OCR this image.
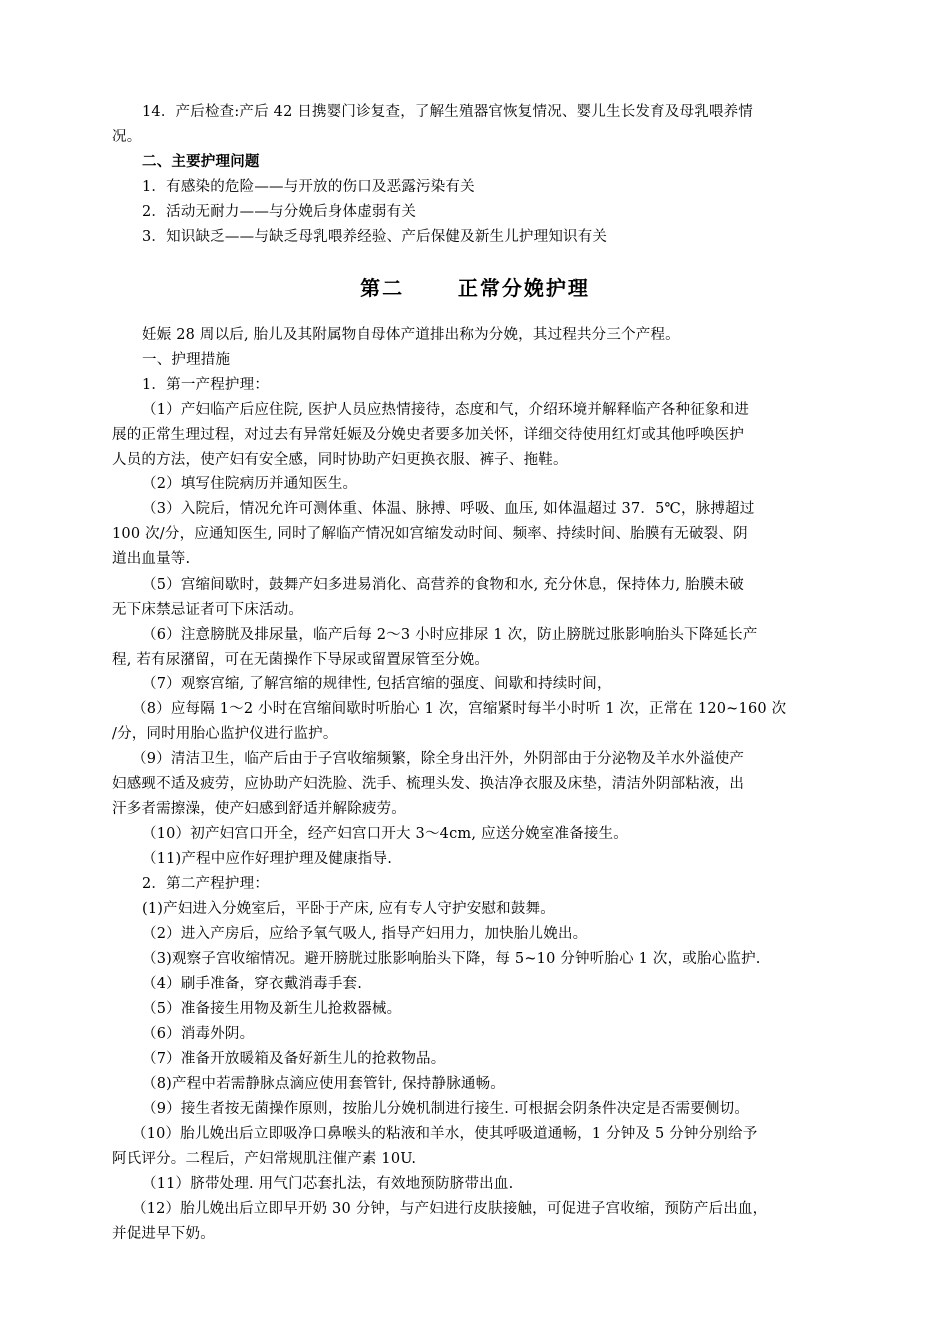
14．产后检查:产后 42 日携婴门诊复查，了解生殖器官恢复情况、婴儿生长发育及母乳喂养情
况。
二、主要护理问题
1．有感染的危险——与开放的伤口及恶露污染有关
2．活动无耐力——与分娩后身体虚弱有关
3．知识缺乏——与缺乏母乳喂养经验、产后保健及新生儿护理知识有关
第二      正常分娩护理
妊娠 28 周以后, 胎儿及其附属物自母体产道排出称为分娩，其过程共分三个产程。
一、护理措施
1．第一产程护理：
（1）产妇临产后应住院, 医护人员应热情接待，态度和气，介绍环境并解释临产各种征象和进
展的正常生理过程，对过去有异常妊娠及分娩史者要多加关怀，详细交待使用红灯或其他呼唤医护
人员的方法，使产妇有安全感，同时协助产妇更换衣服、裤子、拖鞋。
（2）填写住院病历并通知医生。
（3）入院后，情况允许可测体重、体温、脉搏、呼吸、血压, 如体温超过 37．5℃，脉搏超过
100 次/分，应通知医生, 同时了解临产情况如宫缩发动时间、频率、持续时间、胎膜有无破裂、阴
道出血量等.
（5）宫缩间歇时，鼓舞产妇多进易消化、高营养的食物和水, 充分休息，保持体力, 胎膜未破
无下床禁忌证者可下床活动。
（6）注意膀胱及排尿量，临产后每 2～3 小时应排尿 1 次，防止膀胱过胀影响胎头下降延长产
程, 若有尿潴留，可在无菌操作下导尿或留置尿管至分娩。
（7）观察宫缩, 了解宫缩的规律性, 包括宫缩的强度、间歇和持续时间，
（8）应每隔 1～2 小时在宫缩间歇时听胎心 1 次，宫缩紧时每半小时听 1 次，正常在 120~160 次
/分，同时用胎心监护仪进行监护。
（9）清洁卫生，临产后由于子宫收缩频繁，除全身出汗外，外阴部由于分泌物及羊水外溢使产
妇感觋不适及疲劳，应协助产妇洗脸、洗手、梳理头发、换洁净衣服及床垫，清洁外阴部粘液，出
汗多者需擦澡，使产妇感到舒适并解除疲劳。
（10）初产妇宫口开全，经产妇宫口开大 3～4cm, 应送分娩室准备接生。
（11)产程中应作好理护理及健康指导.
2．第二产程护理：
(1)产妇进入分娩室后，平卧于产床, 应有专人守护安慰和鼓舞。
（2）进入产房后，应给予氧气吸人, 指导产妇用力，加快胎儿娩出。
（3)观察子宫收缩情况。避开膀胱过胀影响胎头下降，每 5~10 分钟听胎心 1 次，或胎心监护.
（4）刷手准备，穿衣戴消毒手套.
（5）准备接生用物及新生儿抢救器械。
（6）消毒外阴。
（7）准备开放暖箱及备好新生儿的抢救物品。
（8)产程中若需静脉点滴应使用套管针, 保持静脉通畅。
（9）接生者按无菌操作原则，按胎儿分娩机制进行接生. 可根据会阴条件决定是否需要侧切。
（10）胎儿娩出后立即吸净口鼻喉头的粘液和羊水，使其呼吸道通畅，1 分钟及 5 分钟分别给予
阿氏评分。二程后，产妇常规肌注催产素 10U.
（11）脐带处理. 用气门芯套扎法，有效地预防脐带出血.
（12）胎儿娩出后立即早开奶 30 分钟，与产妇进行皮肤接触，可促进子宫收缩，预防产后出血，
并促进早下奶。
